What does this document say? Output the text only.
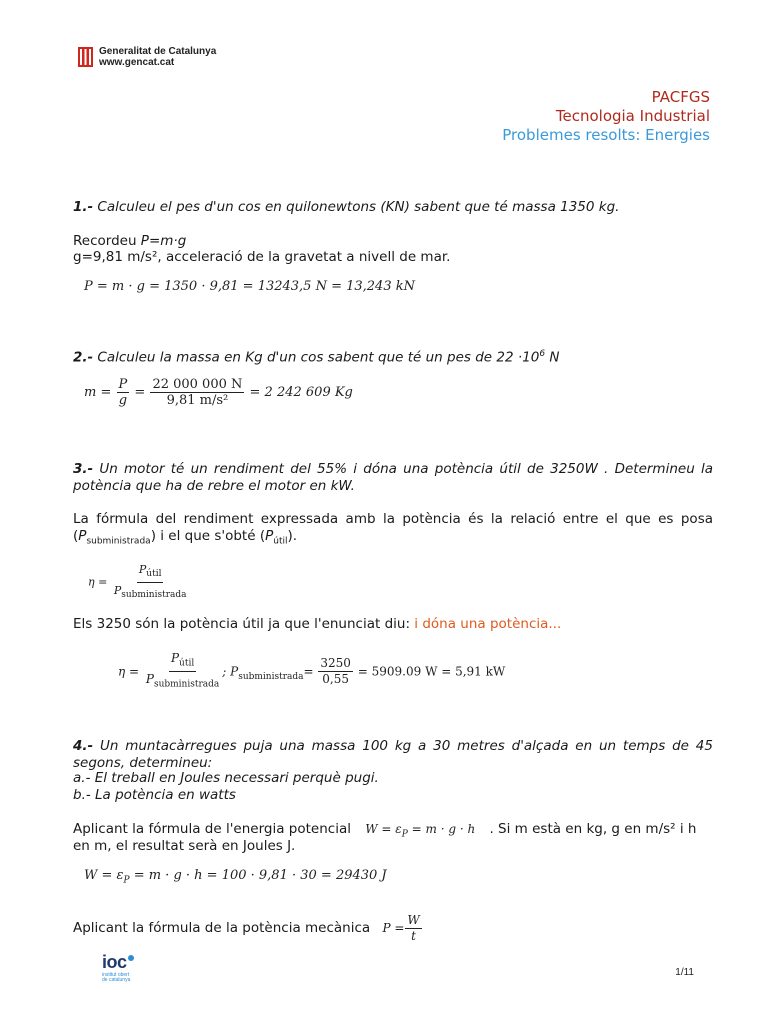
Generalitat de Catalunya
www.gencat.cat
PACFGS
Tecnologia Industrial
Problemes resolts: Energies
1.- Calculeu el pes d'un cos en quilonewtons (KN) sabent que té massa 1350 kg.
Recordeu P=m·g
g=9,81 m/s², acceleració de la gravetat a nivell de mar.
P = m · g = 1350 · 9,81 = 13243,5 N = 13,243 kN
2.- Calculeu la massa en Kg d'un cos sabent que té un pes de $22 \cdot 10^6$ N
$m = \frac{P}{g} = \frac{22 000 000 N}{\text{9,81 m/s²}} = 2$ 242 609 Kg
3.- Un motor té un rendiment del 55% i dóna una potència útil de 3250W . Determineu la potència que ha de rebre el motor en kW.
La fórmula del rendiment expressada amb la potència és la relació entre el que es posa $(P_{subministrada})$ i el que s'obté $(P_{útil})$.
$\eta = \frac{P_{útil}}{P_{subministrada}}$
Els 3250 són la potència útil ja que l'enunciat diu: i dóna una potència...
$\eta = \frac{P_{útil}}{P_{subministrada}}$ ; $P_{subministrada}= \frac{3250}{0,55} = 5909.09$ W = 5,91 kW
4.- Un muntacàrregues puja una massa 100 kg a 30 metres d'alçada en un temps de 45 segons, determineu:
a.- El treball en Joules necessari perquè pugi.
b.- La potència en watts
Aplicant la fórmula de l'energia potencial $W = \varepsilon_P = m \cdot g \cdot h$ . Si m està en kg, g en m/s² i h
en m, el resultat serà en Joules J.
$W = \varepsilon_P = m \cdot g \cdot h = 100 \cdot 9,81 \cdot 30 = 29430$ J
Aplicant la fórmula de la potència mecànica $P = \frac{W}{t}$
ioc
institut obert
de catalunya
1/11
